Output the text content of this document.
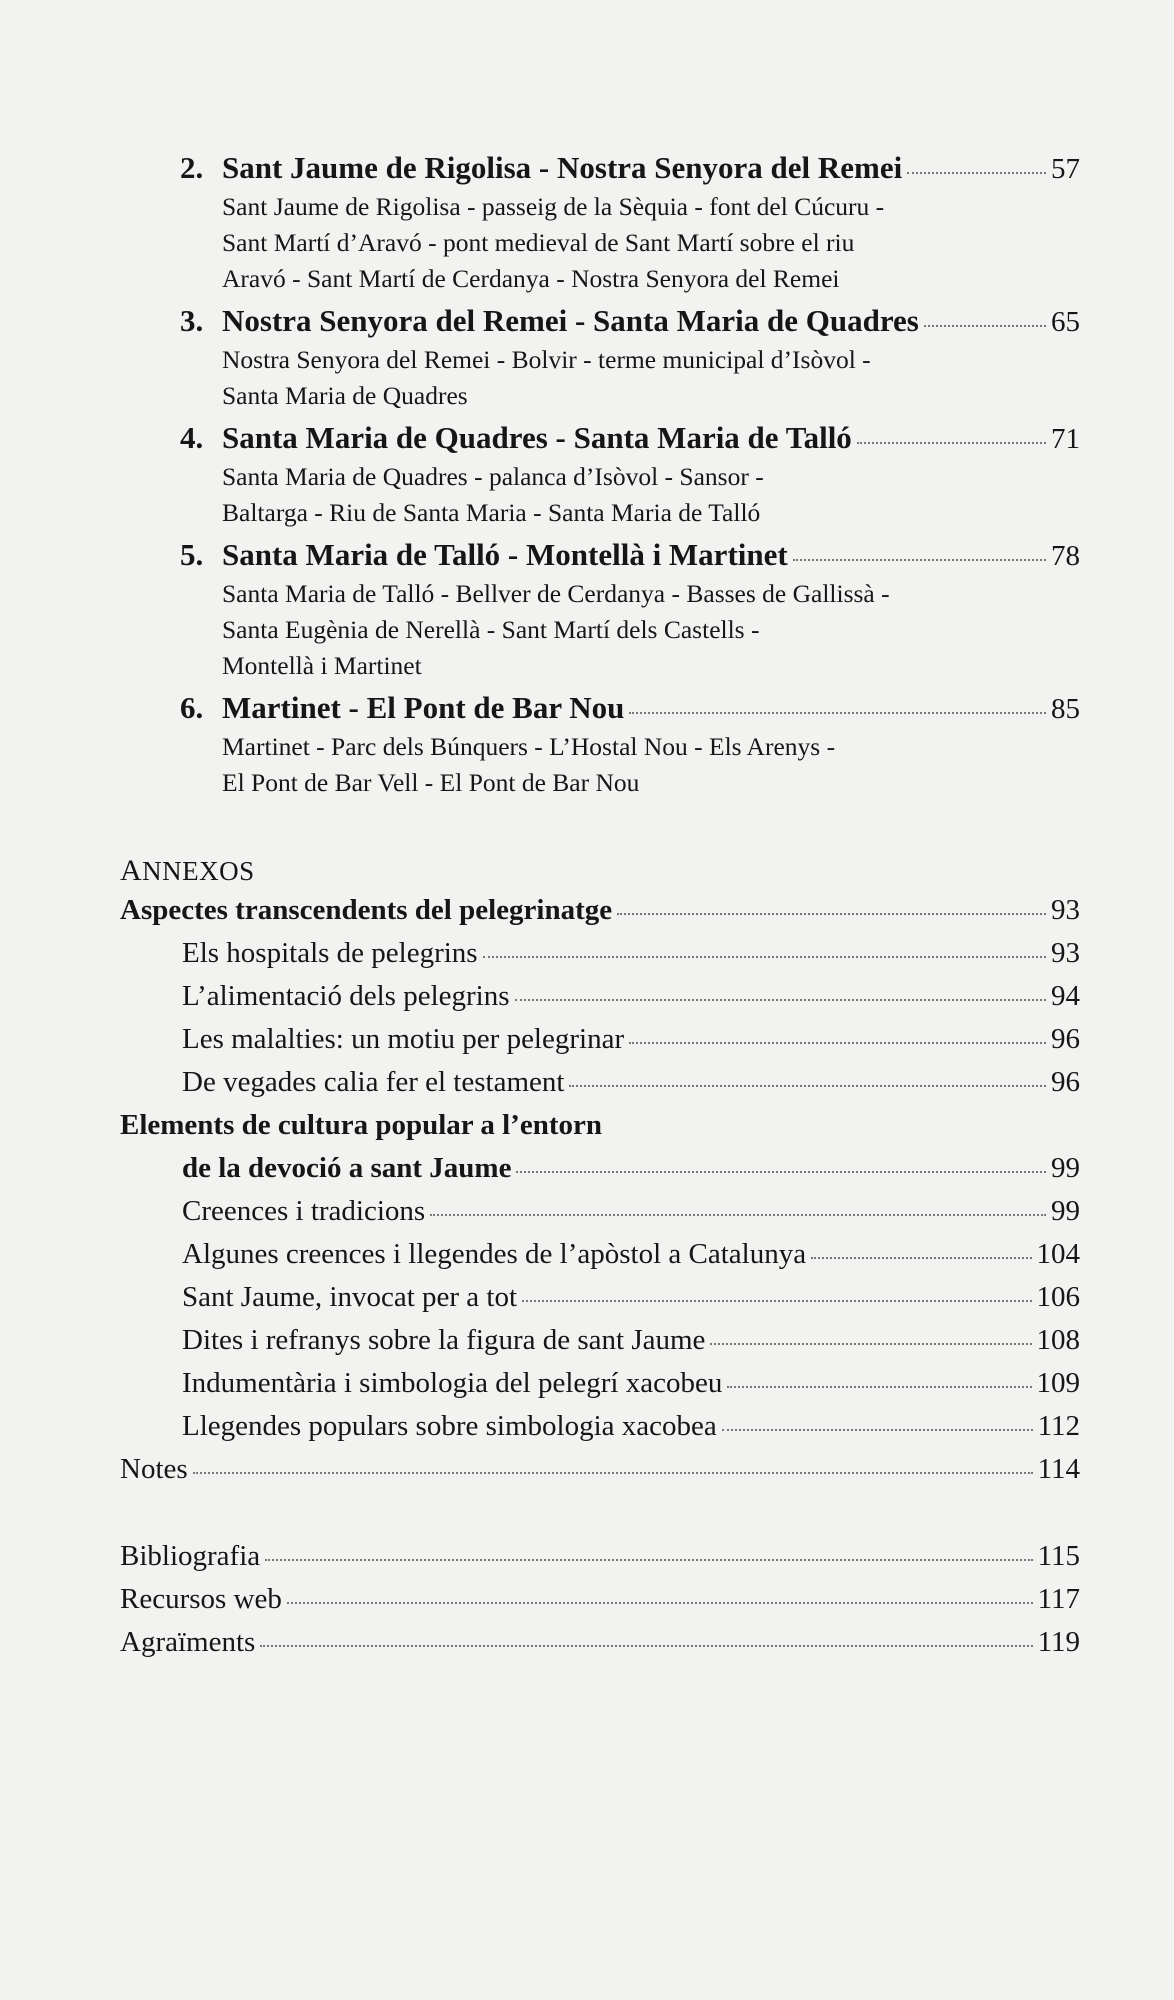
2. Sant Jaume de Rigolisa - Nostra Senyora del Remei	57
Sant Jaume de Rigolisa - passeig de la Sèquia - font del Cúcuru -
Sant Martí d’Aravó - pont medieval de Sant Martí sobre el riu
Aravó - Sant Martí de Cerdanya - Nostra Senyora del Remei
3. Nostra Senyora del Remei - Santa Maria de Quadres	65
Nostra Senyora del Remei - Bolvir - terme municipal d’Isòvol -
Santa Maria de Quadres
4. Santa Maria de Quadres - Santa Maria de Talló	71
Santa Maria de Quadres - palanca d’Isòvol - Sansor -
Baltarga - Riu de Santa Maria - Santa Maria de Talló
5. Santa Maria de Talló - Montellà i Martinet	78
Santa Maria de Talló - Bellver de Cerdanya - Basses de Gallissà -
Santa Eugènia de Nerellà - Sant Martí dels Castells -
Montellà i Martinet
6. Martinet - El Pont de Bar Nou	85
Martinet - Parc dels Búnquers - L’Hostal Nou - Els Arenys -
El Pont de Bar Vell - El Pont de Bar Nou
ANNEXOS
Aspectes transcendents del pelegrinatge	93
Els hospitals de pelegrins	93
L’alimentació dels pelegrins	94
Les malalties: un motiu per pelegrinar	96
De vegades calia fer el testament	96
Elements de cultura popular a l’entorn
de la devoció a sant Jaume	99
Creences i tradicions	99
Algunes creences i llegendes de l’apòstol a Catalunya	104
Sant Jaume, invocat per a tot	106
Dites i refranys sobre la figura de sant Jaume	108
Indumentària i simbologia del pelegrí xacobeu	109
Llegendes populars sobre simbologia xacobea	112
Notes	114
Bibliografia	115
Recursos web	117
Agraïments	119
